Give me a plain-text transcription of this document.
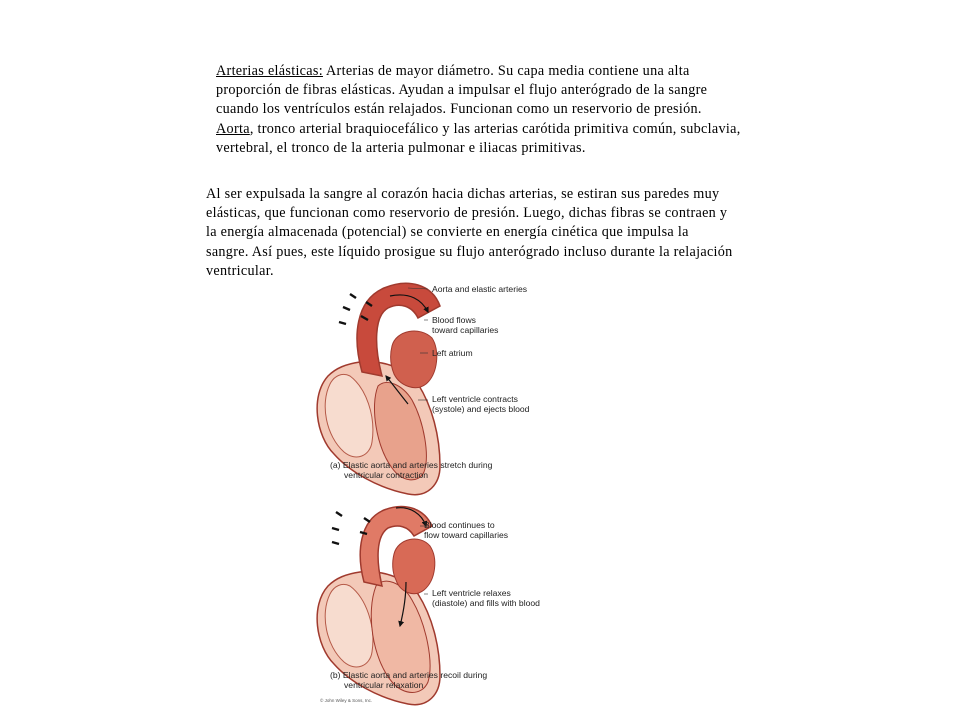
Arterias elásticas: Arterias de mayor diámetro. Su capa media contiene una alta
proporción de fibras elásticas. Ayudan a impulsar el flujo anterógrado de la sangre
cuando los ventrículos están relajados. Funcionan como un reservorio de presión.
Aorta, tronco arterial braquiocefálico y las arterias carótida primitiva común, subclavia,
vertebral, el tronco de la arteria pulmonar e iliacas primitivas.
Al ser expulsada la sangre al corazón hacia dichas arterias, se estiran sus paredes muy
elásticas, que funcionan como reservorio de presión. Luego, dichas fibras se contraen y
la energía almacenada (potencial) se convierte en energía cinética que impulsa la
sangre. Así pues, este líquido prosigue su flujo anterógrado incluso durante la relajación
ventricular.
Aorta and elastic arteries
Blood flows
toward capillaries
Left atrium
Left ventricle contracts
(systole) and ejects blood
(a) Elastic aorta and arteries stretch during
ventricular contraction
Blood continues to
flow toward capillaries
Left ventricle relaxes
(diastole) and fills with blood
(b) Elastic aorta and arteries recoil during
ventricular relaxation
© John Wiley & Sons, Inc.
